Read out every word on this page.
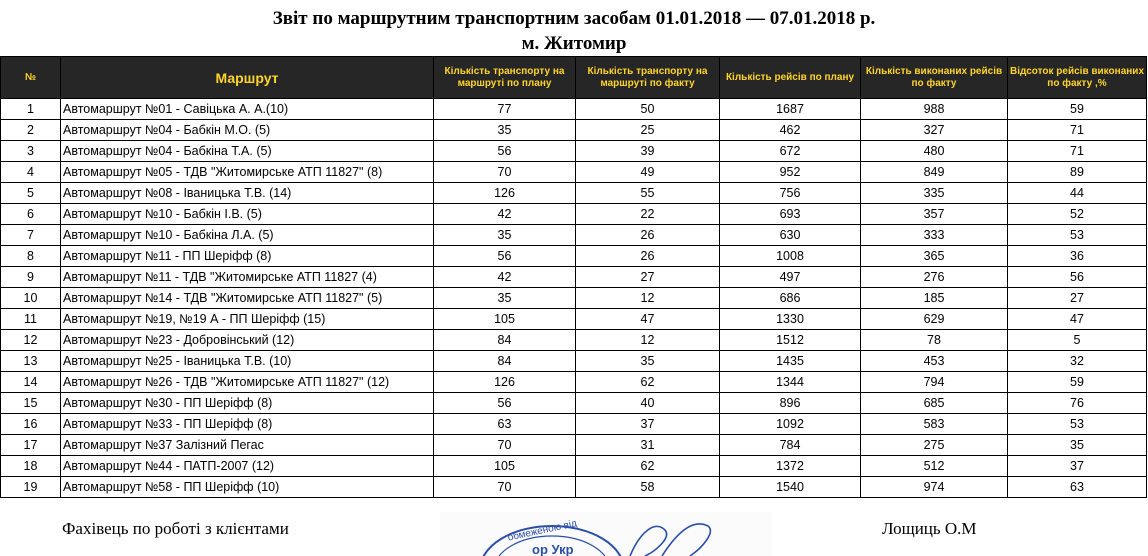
Звіт по маршрутним транспортним засобам 01.01.2018 — 07.01.2018 р.
м. Житомир
№	Маршрут	Кількість транспорту на маршруті по плану	Кількість транспорту на маршруті по факту	Кількість рейсів по плану	Кількість виконаних рейсів по факту	Відсоток рейсів виконаних по факту ,%
1	Автомаршрут №01 - Савіцька А. А.(10)	77	50	1687	988	59
2	Автомаршрут №04 - Бабкін М.О. (5)	35	25	462	327	71
3	Автомаршрут №04 - Бабкіна Т.А. (5)	56	39	672	480	71
4	Автомаршрут №05 - ТДВ "Житомирське АТП 11827" (8)	70	49	952	849	89
5	Автомаршрут №08 - Іваницька Т.В. (14)	126	55	756	335	44
6	Автомаршрут №10 - Бабкін І.В. (5)	42	22	693	357	52
7	Автомаршрут №10 - Бабкіна Л.А. (5)	35	26	630	333	53
8	Автомаршрут №11 - ПП Шеріфф (8)	56	26	1008	365	36
9	Автомаршрут №11 - ТДВ "Житомирське АТП 11827 (4)	42	27	497	276	56
10	Автомаршрут №14 - ТДВ "Житомирське АТП 11827" (5)	35	12	686	185	27
11	Автомаршрут №19, №19 А - ПП Шеріфф (15)	105	47	1330	629	47
12	Автомаршрут №23 - Добровінський (12)	84	12	1512	78	5
13	Автомаршрут №25 - Іваницька Т.В. (10)	84	35	1435	453	32
14	Автомаршрут №26 - ТДВ "Житомирське АТП 11827" (12)	126	62	1344	794	59
15	Автомаршрут №30 - ПП Шеріфф (8)	56	40	896	685	76
16	Автомаршрут №33 - ПП Шеріфф (8)	63	37	1092	583	53
17	Автомаршрут №37 Залізний Пегас	70	31	784	275	35
18	Автомаршрут №44 - ПАТП-2007 (12)	105	62	1372	512	37
19	Автомаршрут №58 - ПП Шеріфф (10)	70	58	1540	974	63
Фахівець по роботі з клієнтами	Лощиць О.М
обмеженою від
ор Укр
